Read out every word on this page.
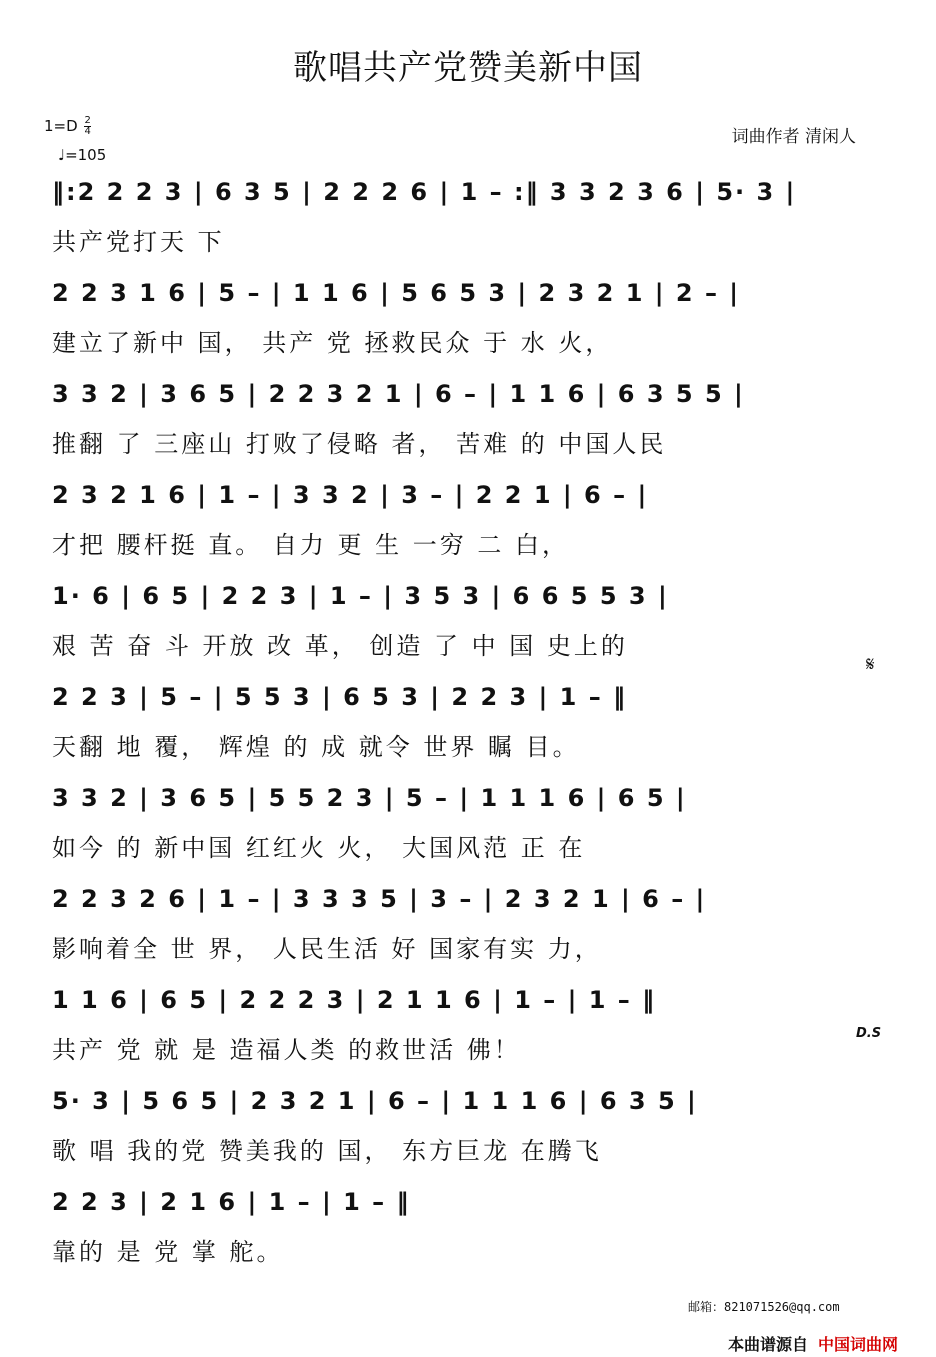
歌唱共产党赞美新中国
$1=D \frac{2}{4}$
♩=105
词曲作者 清闲人
‖:2 2 2 3 | 6 3 5 | 2 2 2 6 | 1 – :‖ 3 3 2 3 6 | 5· 3 |
共产党打天 下
2 2 3 1 6 | 5 – | 1 1 6 | 5 6 5 3 | 2 3 2 1 | 2 – |
建立了新中 国， 共产 党 拯救民众 于 水 火，
3 3 2 | 3 6 5 | 2 2 3 2 1 | 6 – | 1 1 6 | 6 3 5 5 |
推翻 了 三座山 打败了侵略 者， 苦难 的 中国人民
2 3 2 1 6 | 1 – | 3 3 2 | 3 – | 2 2 1 | 6 – |
才把 腰杆挺 直。 自力 更 生 一穷 二 白，
1· 6 | 6 5 | 2 2 3 | 1 – | 3 5 3 | 6 6 5 5 3 |
艰 苦 奋 斗 开放 改 革， 创造 了 中 国 史上的
2 2 3 | 5 – | 5 5 3 | 6 5 3 | 2 2 3 | 1 – ‖
天翻 地 覆， 辉煌 的 成 就令 世界 瞩 目。
3 3 2 | 3 6 5 | 5 5 2 3 | 5 – | 1 1 1 6 | 6 5 |
如今 的 新中国 红红火 火， 大国风范 正 在
2 2 3 2 6 | 1 – | 3 3 3 5 | 3 – | 2 3 2 1 | 6 – |
影响着全 世 界， 人民生活 好 国家有实 力，
1 1 6 | 6 5 | 2 2 2 3 | 2 1 1 6 | 1 – | 1 – ‖
共产 党 就 是 造福人类 的救世活 佛！
5· 3 | 5 6 5 | 2 3 2 1 | 6 – | 1 1 1 6 | 6 3 5 |
歌 唱 我的党 赞美我的 国， 东方巨龙 在腾飞
2 2 3 | 2 1 6 | 1 – | 1 – ‖
靠的 是 党 掌 舵。
𝄋
D.S
邮箱：821071526@qq.com
本曲谱源自 中国词曲网
